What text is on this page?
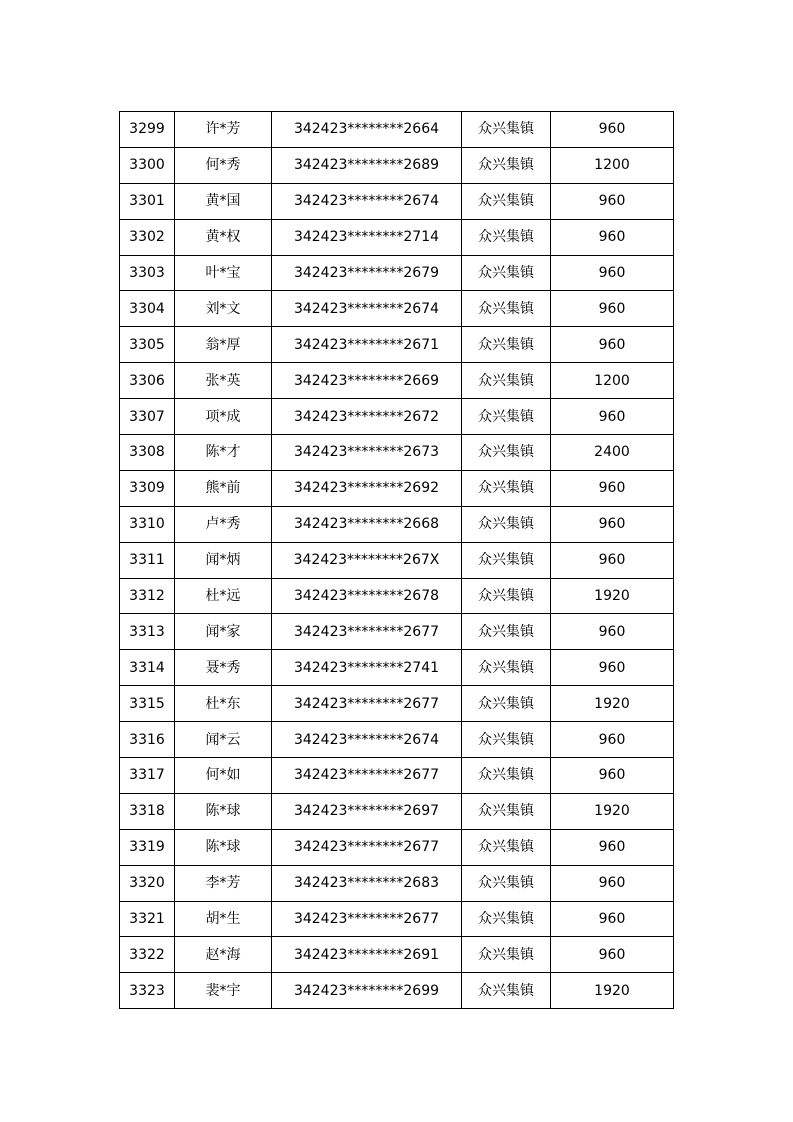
3299	许*芳	342423********2664	众兴集镇	960
3300	何*秀	342423********2689	众兴集镇	1200
3301	黄*国	342423********2674	众兴集镇	960
3302	黄*权	342423********2714	众兴集镇	960
3303	叶*宝	342423********2679	众兴集镇	960
3304	刘*文	342423********2674	众兴集镇	960
3305	翁*厚	342423********2671	众兴集镇	960
3306	张*英	342423********2669	众兴集镇	1200
3307	项*成	342423********2672	众兴集镇	960
3308	陈*才	342423********2673	众兴集镇	2400
3309	熊*前	342423********2692	众兴集镇	960
3310	卢*秀	342423********2668	众兴集镇	960
3311	闻*炳	342423********267X	众兴集镇	960
3312	杜*远	342423********2678	众兴集镇	1920
3313	闻*家	342423********2677	众兴集镇	960
3314	聂*秀	342423********2741	众兴集镇	960
3315	杜*东	342423********2677	众兴集镇	1920
3316	闻*云	342423********2674	众兴集镇	960
3317	何*如	342423********2677	众兴集镇	960
3318	陈*球	342423********2697	众兴集镇	1920
3319	陈*球	342423********2677	众兴集镇	960
3320	李*芳	342423********2683	众兴集镇	960
3321	胡*生	342423********2677	众兴集镇	960
3322	赵*海	342423********2691	众兴集镇	960
3323	裴*宇	342423********2699	众兴集镇	1920
